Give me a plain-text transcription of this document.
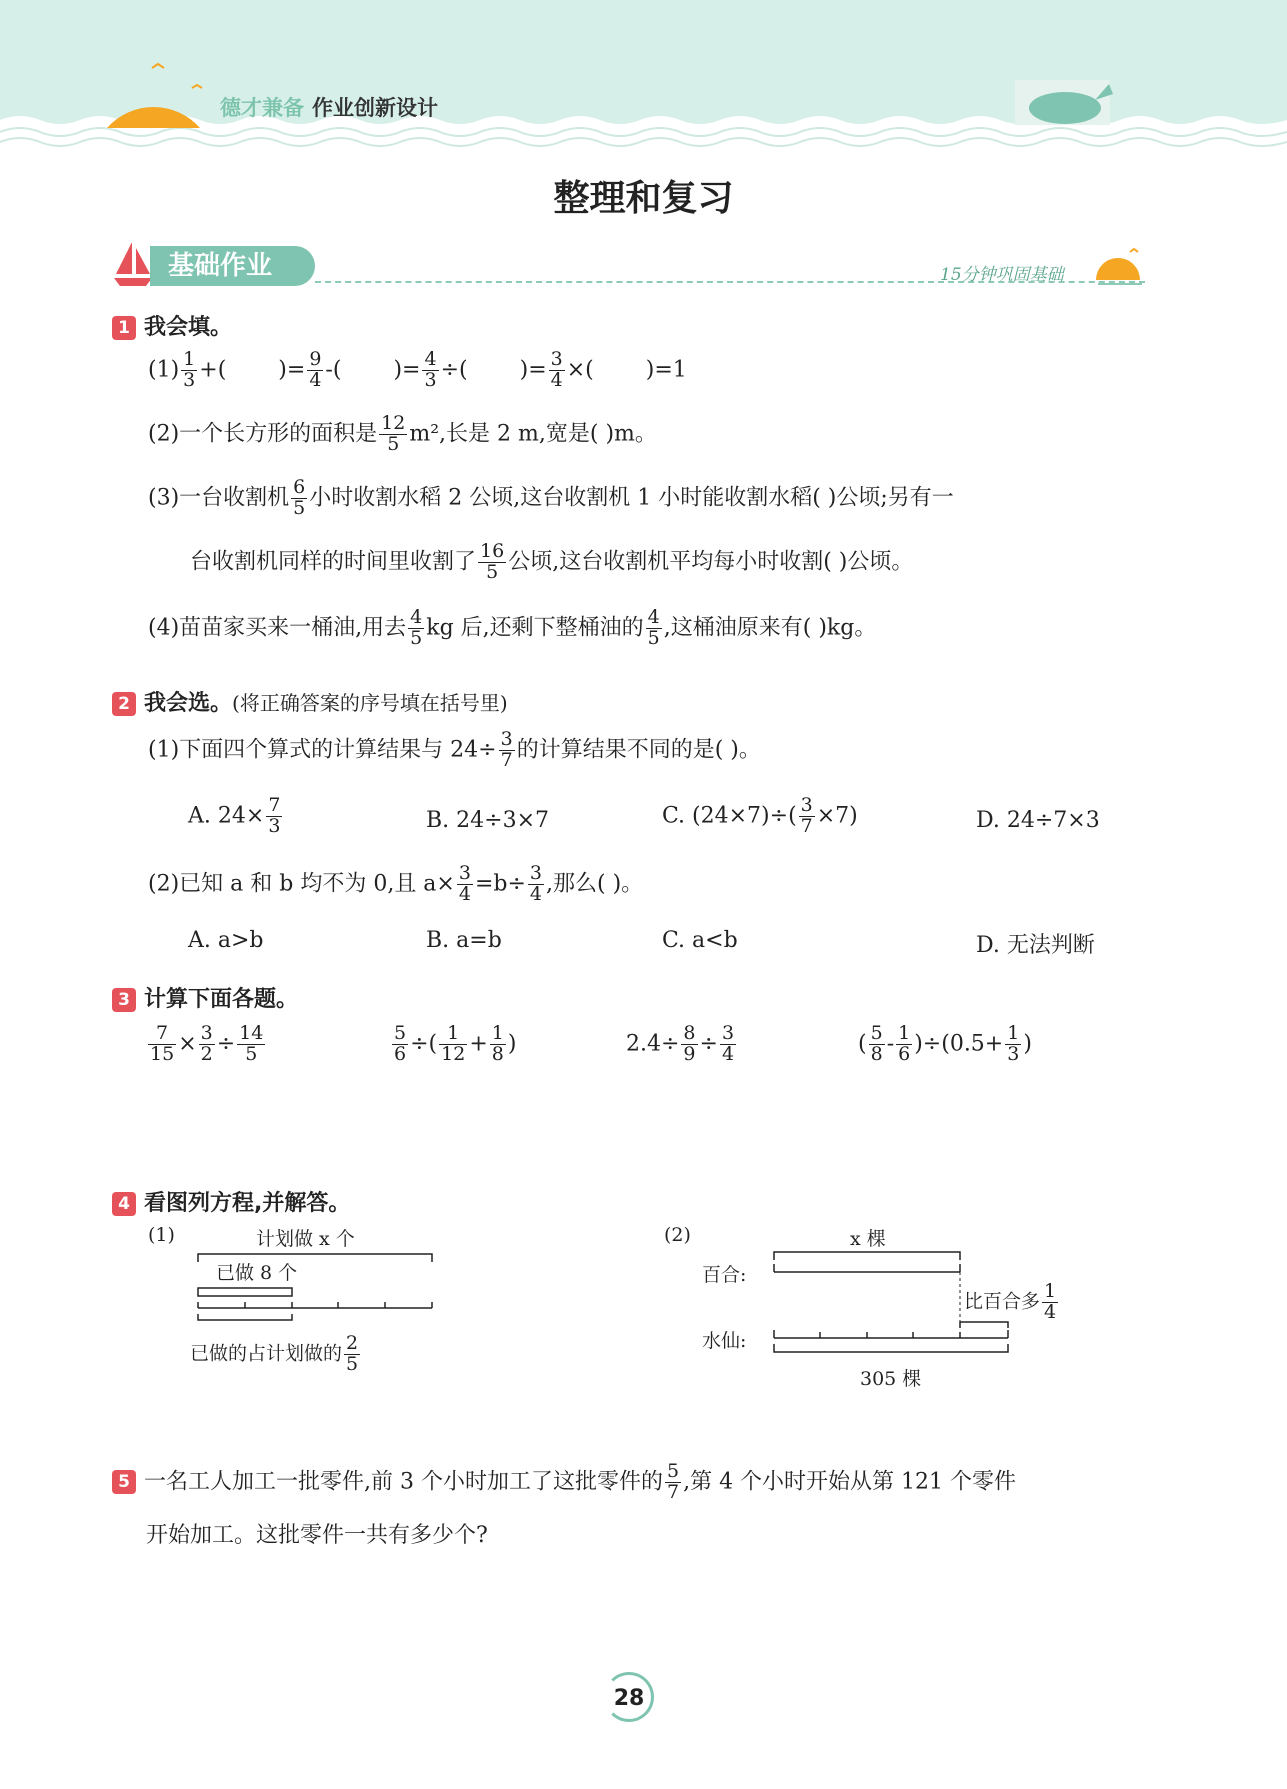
德才兼备 作业创新设计
整理和复习
基础作业	15分钟巩固基础
1 我会填。
$(1) \frac{1}{3}$ +( )= $\frac{9}{4}$ -( )= $\frac{4}{3}$ ÷( )= $\frac{3}{4}$ ×( )=1
(2)一个长方形的面积是 $\frac{12}{5} m^2$,长是 2 m,宽是( )m。
(3)一台收割机 $\frac{6}{5}$ 小时收割水稻 2 公顷,这台收割机 1 小时能收割水稻( )公顷;另有一
台收割机同样的时间里收割了 $\frac{16}{5}$ 公顷,这台收割机平均每小时收割( )公顷。
(4)苗苗家买来一桶油,用去 $\frac{4}{5}$ kg 后,还剩下整桶油的 $\frac{4}{5}$ ,这桶油原来有( )kg。
2 我会选。(将正确答案的序号填在括号里)
(1)下面四个算式的计算结果与 $24\div \frac{3}{7}$ 的计算结果不同的是( )。
A. $24\times \frac{7}{3}$	B. 24÷3×7	C. $(24\times 7)\div( \frac{3}{7} \times 7)$	D. 24÷7×3
(2)已知 a 和 b 均不为 0,且 $a\times \frac{3}{4} =b\div \frac{3}{4}$ ,那么( )。
A. a>b	B. a=b	C. a<b	D. 无法判断
3 计算下面各题。
$\frac{7}{15} \times \frac{3}{2} \div \frac{14}{5}$	$\frac{5}{6}$ ÷( $\frac{1}{12} + \frac{1}{8}$ )	$2.4\div \frac{8}{9} \div \frac{3}{4}$	( $\frac{5}{8} - \frac{1}{6} )\div(0.5+ \frac{1}{3}$ )
4 看图列方程,并解答。
(1)	计划做 x 个
已做 8 个
已做的占计划做的 $\frac{2}{5}$
(2)	x 棵
百合:
水仙:
比百合多 $\frac{1}{4}$
305 棵
5 一名工人加工一批零件,前 3 个小时加工了这批零件的 $\frac{5}{7}$ ,第 4 个小时开始从第 121 个零件
开始加工。这批零件一共有多少个?
28
